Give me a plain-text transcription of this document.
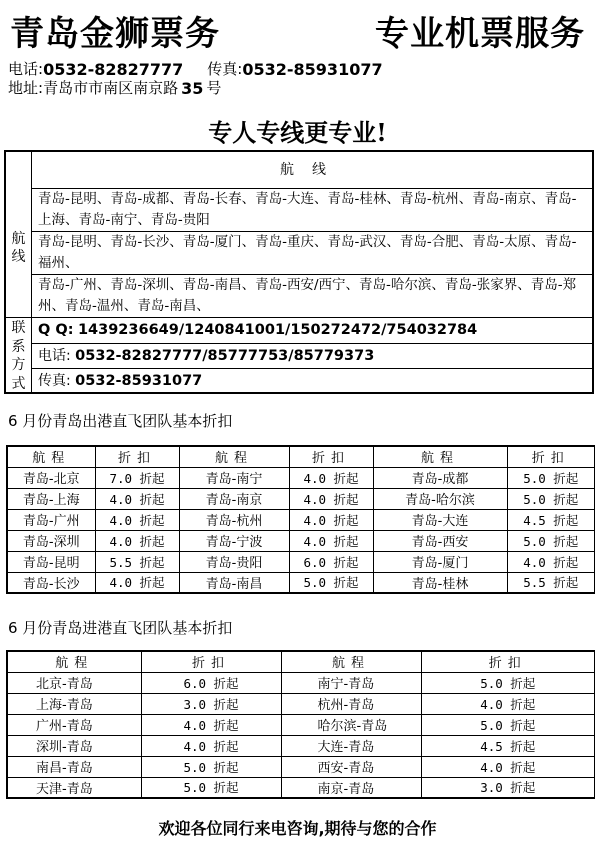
青岛金狮票务	专业机票服务
电话: 0532-82827777 传真: 0532-85931077
地址: 青岛市市南区南京路 35 号
专人专线更专业!
航线
航线
青岛-昆明、青岛-成都、青岛-长春、青岛-大连、青岛-桂林、青岛-杭州、青岛-南京、青岛-上海、青岛-南宁、青岛-贵阳
青岛-昆明、青岛-长沙、青岛-厦门、青岛-重庆、青岛-武汉、青岛-合肥、青岛-太原、青岛-福州、
青岛-广州、青岛-深圳、青岛-南昌、青岛-西安/西宁、青岛-哈尔滨、青岛-张家界、青岛-郑州、青岛-温州、青岛-南昌、
联系方式
Q Q: 1439236649/1240841001/150272472/754032784
电话: 0532-82827777/85777753/85779373
传真: 0532-85931077
6 月份青岛出港直飞团队基本折扣
航程	折扣	航程	折扣	航程	折扣
青岛-北京	7.0 折起	青岛-南宁	4.0 折起	青岛-成都	5.0 折起
青岛-上海	4.0 折起	青岛-南京	4.0 折起	青岛-哈尔滨	5.0 折起
青岛-广州	4.0 折起	青岛-杭州	4.0 折起	青岛-大连	4.5 折起
青岛-深圳	4.0 折起	青岛-宁波	4.0 折起	青岛-西安	5.0 折起
青岛-昆明	5.5 折起	青岛-贵阳	6.0 折起	青岛-厦门	4.0 折起
青岛-长沙	4.0 折起	青岛-南昌	5.0 折起	青岛-桂林	5.5 折起
6 月份青岛进港直飞团队基本折扣
航程	折扣	航程	折扣
北京-青岛	6.0 折起	南宁-青岛	5.0 折起
上海-青岛	3.0 折起	杭州-青岛	4.0 折起
广州-青岛	4.0 折起	哈尔滨-青岛	5.0 折起
深圳-青岛	4.0 折起	大连-青岛	4.5 折起
南昌-青岛	5.0 折起	西安-青岛	4.0 折起
天津-青岛	5.0 折起	南京-青岛	3.0 折起
欢迎各位同行来电咨询,期待与您的合作
